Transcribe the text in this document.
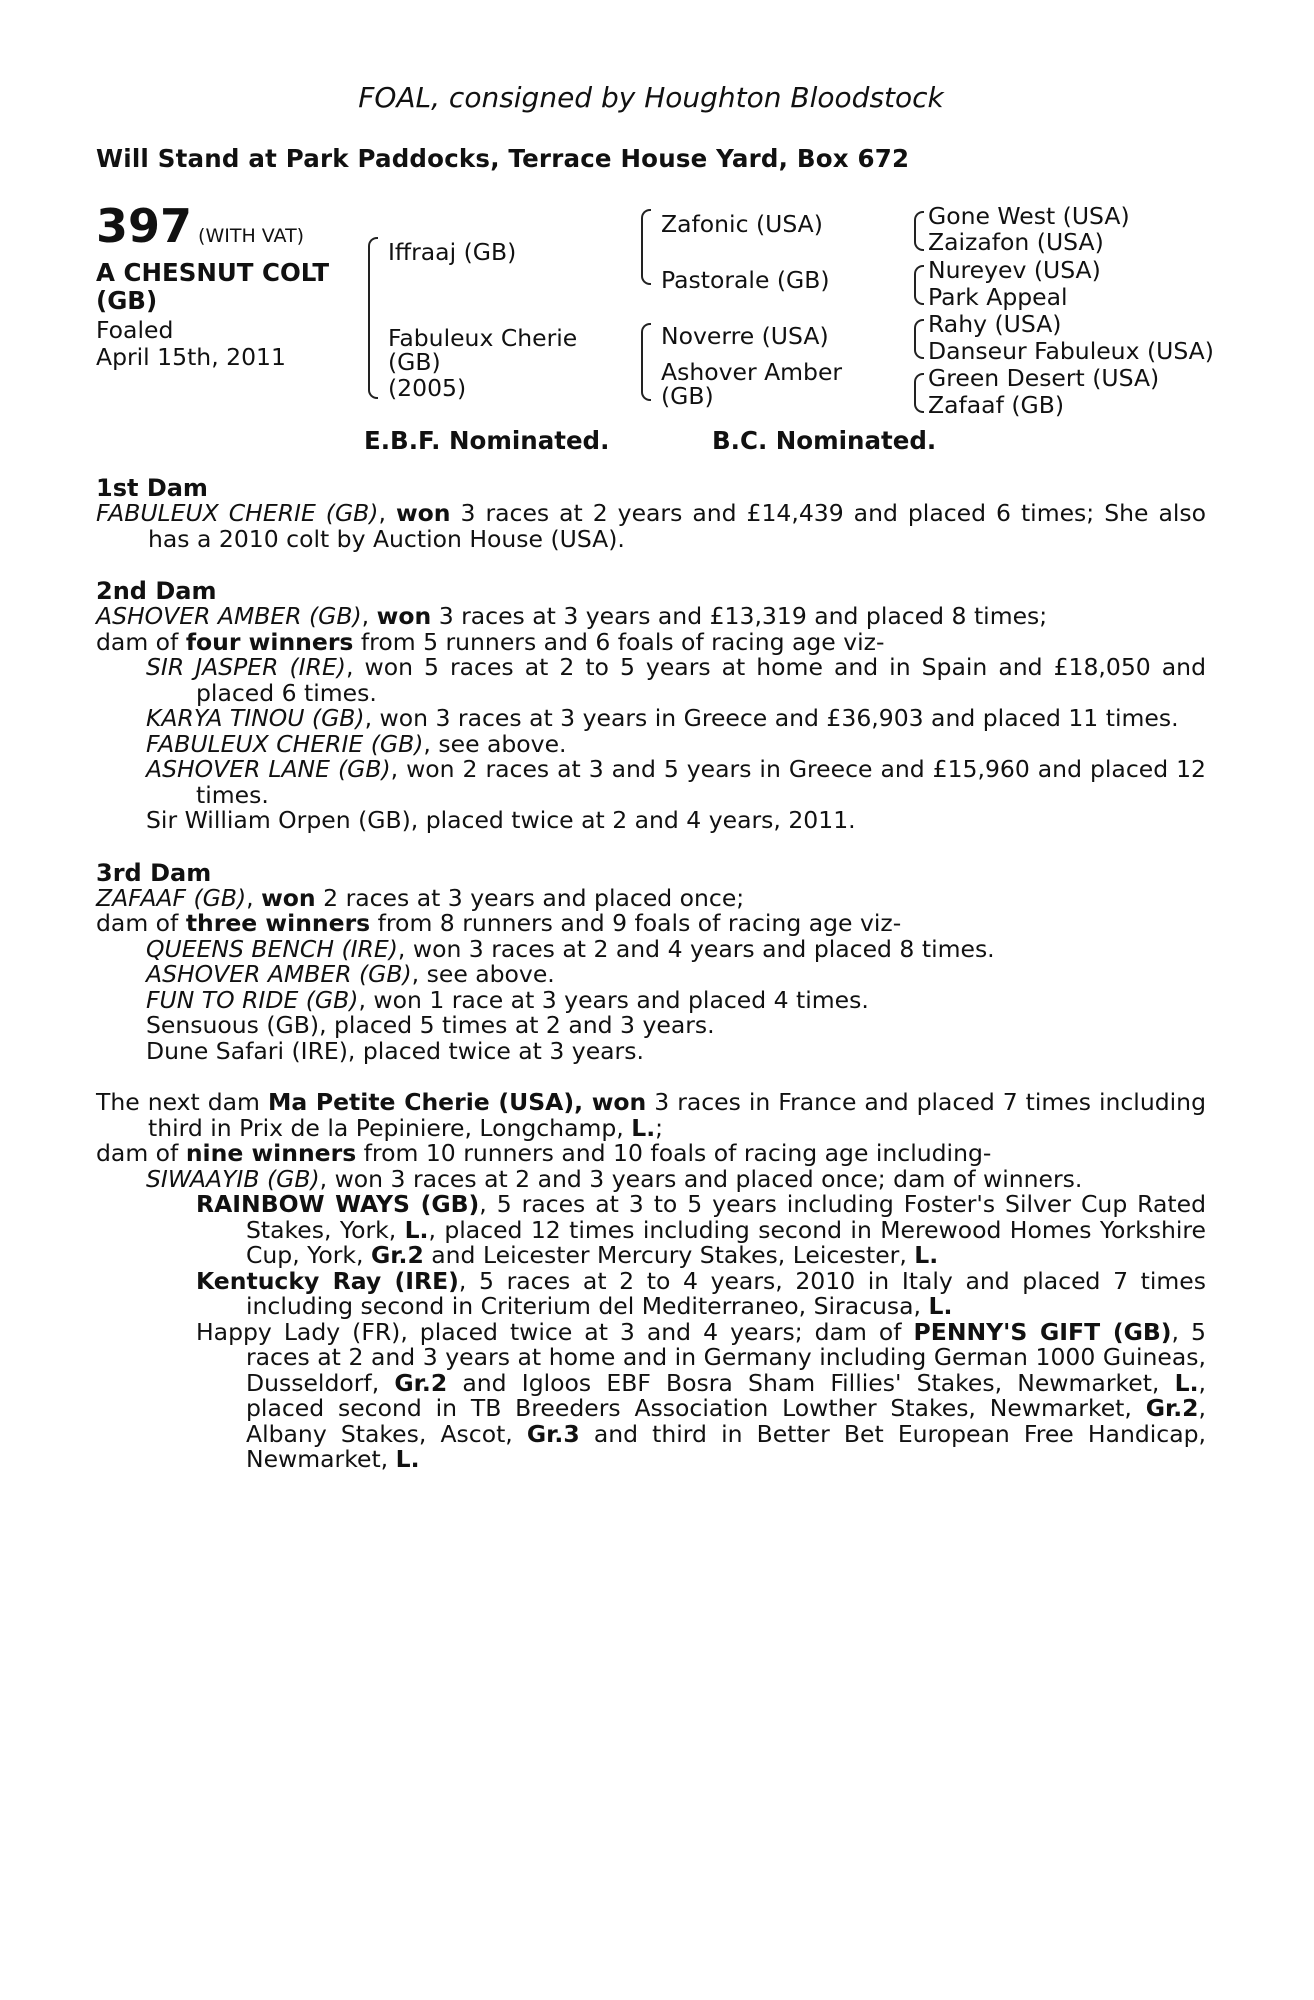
FOAL, consigned by Houghton Bloodstock
Will Stand at Park Paddocks, Terrace House Yard, Box 672
397 (WITH VAT)
A CHESNUT COLT
(GB)
Foaled
April 15th, 2011
Iffraaj (GB)
Fabuleux Cherie
(GB)
(2005)
Zafonic (USA)
Pastorale (GB)
Noverre (USA)
Ashover Amber
(GB)
Gone West (USA)
Zaizafon (USA)
Nureyev (USA)
Park Appeal
Rahy (USA)
Danseur Fabuleux (USA)
Green Desert (USA)
Zafaaf (GB)
E.B.F. Nominated.	B.C. Nominated.
1st Dam
FABULEUX CHERIE (GB), won 3 races at 2 years and £14,439 and placed 6 times; She also has a 2010 colt by Auction House (USA).
2nd Dam
ASHOVER AMBER (GB), won 3 races at 3 years and £13,319 and placed 8 times;
dam of four winners from 5 runners and 6 foals of racing age viz-
SIR JASPER (IRE), won 5 races at 2 to 5 years at home and in Spain and £18,050 and placed 6 times.
KARYA TINOU (GB), won 3 races at 3 years in Greece and £36,903 and placed 11 times.
FABULEUX CHERIE (GB), see above.
ASHOVER LANE (GB), won 2 races at 3 and 5 years in Greece and £15,960 and placed 12 times.
Sir William Orpen (GB), placed twice at 2 and 4 years, 2011.
3rd Dam
ZAFAAF (GB), won 2 races at 3 years and placed once;
dam of three winners from 8 runners and 9 foals of racing age viz-
QUEENS BENCH (IRE), won 3 races at 2 and 4 years and placed 8 times.
ASHOVER AMBER (GB), see above.
FUN TO RIDE (GB), won 1 race at 3 years and placed 4 times.
Sensuous (GB), placed 5 times at 2 and 3 years.
Dune Safari (IRE), placed twice at 3 years.
The next dam Ma Petite Cherie (USA), won 3 races in France and placed 7 times including third in Prix de la Pepiniere, Longchamp, L.;
dam of nine winners from 10 runners and 10 foals of racing age including-
SIWAAYIB (GB), won 3 races at 2 and 3 years and placed once; dam of winners.
RAINBOW WAYS (GB), 5 races at 3 to 5 years including Foster's Silver Cup Rated Stakes, York, L., placed 12 times including second in Merewood Homes Yorkshire Cup, York, Gr.2 and Leicester Mercury Stakes, Leicester, L.
Kentucky Ray (IRE), 5 races at 2 to 4 years, 2010 in Italy and placed 7 times including second in Criterium del Mediterraneo, Siracusa, L.
Happy Lady (FR), placed twice at 3 and 4 years; dam of PENNY'S GIFT (GB), 5 races at 2 and 3 years at home and in Germany including German 1000 Guineas, Dusseldorf, Gr.2 and Igloos EBF Bosra Sham Fillies' Stakes, Newmarket, L., placed second in TB Breeders Association Lowther Stakes, Newmarket, Gr.2, Albany Stakes, Ascot, Gr.3 and third in Better Bet European Free Handicap, Newmarket, L.
